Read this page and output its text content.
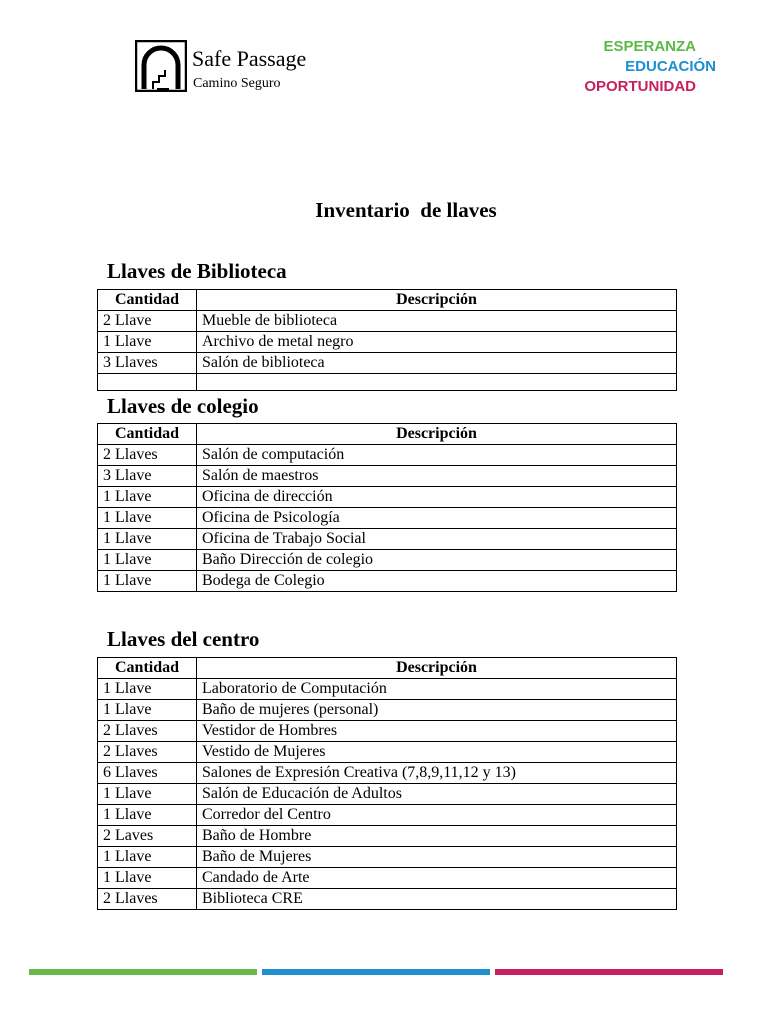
Safe Passage
Camino Seguro
ESPERANZA
EDUCACIÓN
OPORTUNIDAD
Inventario  de llaves
Llaves de Biblioteca
Cantidad	Descripción
2 Llave	Mueble de biblioteca
1 Llave	Archivo de metal negro
3 Llaves	Salón de biblioteca

Llaves de colegio
Cantidad	Descripción
2 Llaves	Salón de computación
3 Llave	Salón de maestros
1 Llave	Oficina de dirección
1 Llave	Oficina de Psicología
1 Llave	Oficina de Trabajo Social
1 Llave	Baño Dirección de colegio
1 Llave	Bodega de Colegio
Llaves del centro
Cantidad	Descripción
1 Llave	Laboratorio de Computación
1 Llave	Baño de mujeres (personal)
2 Llaves	Vestidor de Hombres
2 Llaves	Vestido de Mujeres
6 Llaves	Salones de Expresión Creativa (7,8,9,11,12 y 13)
1 Llave	Salón de Educación de Adultos
1 Llave	Corredor del Centro
2 Laves	Baño de Hombre
1 Llave	Baño de Mujeres
1 Llave	Candado de Arte
2 Llaves	Biblioteca CRE
